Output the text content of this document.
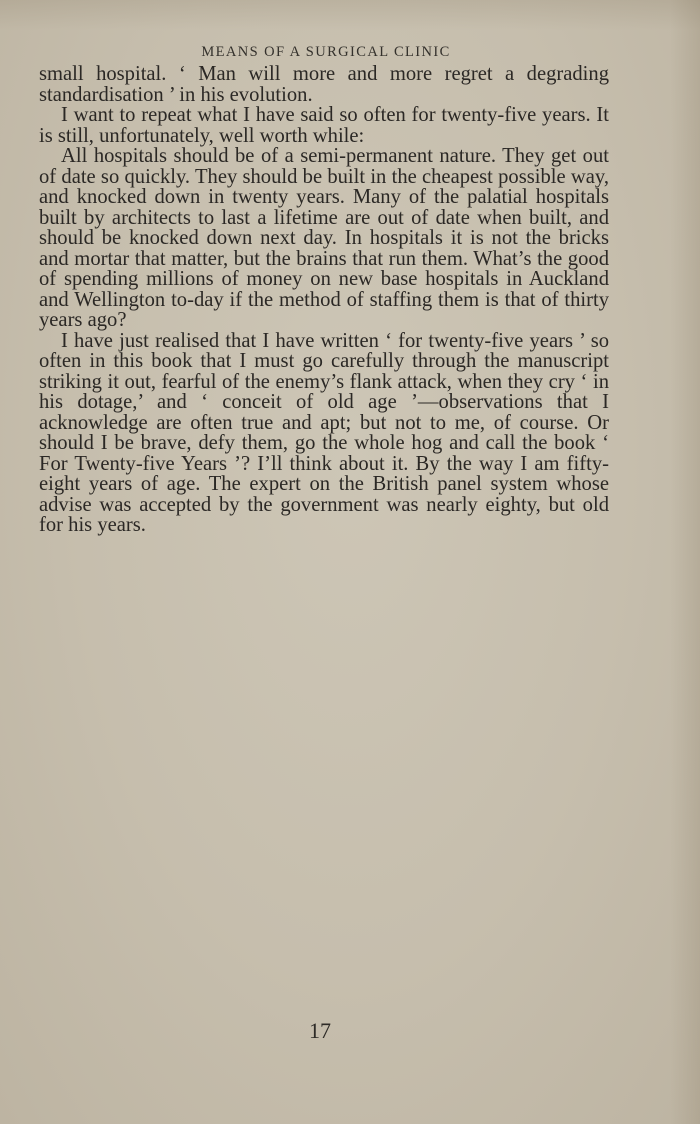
MEANS OF A SURGICAL CLINIC

small hospital. ‘ Man will more and more regret a degrading standardisation ’ in his evolution.

I want to repeat what I have said so often for twenty-five years. It is still, unfortunately, well worth while:

All hospitals should be of a semi-permanent nature. They get out of date so quickly. They should be built in the cheapest possible way, and knocked down in twenty years. Many of the palatial hospitals built by architects to last a lifetime are out of date when built, and should be knocked down next day. In hospitals it is not the bricks and mortar that matter, but the brains that run them. What’s the good of spending millions of money on new base hospitals in Auckland and Wellington to-day if the method of staffing them is that of thirty years ago?

I have just realised that I have written ‘ for twenty-five years ’ so often in this book that I must go carefully through the manuscript striking it out, fearful of the enemy’s flank attack, when they cry ‘ in his dotage,’ and ‘ conceit of old age ’—observations that I acknowledge are often true and apt; but not to me, of course. Or should I be brave, defy them, go the whole hog and call the book ‘ For Twenty-five Years ’? I’ll think about it. By the way I am fifty-eight years of age. The expert on the British panel system whose advise was accepted by the government was nearly eighty, but old for his years.

17
